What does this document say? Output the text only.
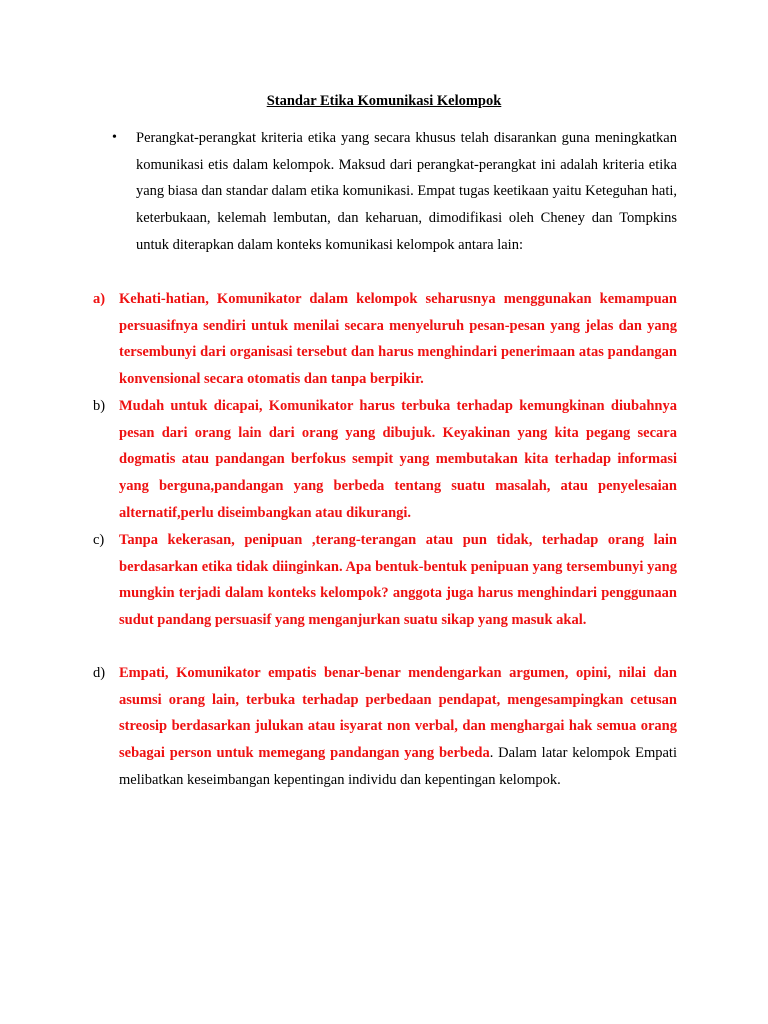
Standar Etika Komunikasi Kelompok
• Perangkat-perangkat kriteria etika yang secara khusus telah disarankan guna meningkatkan komunikasi etis dalam kelompok. Maksud dari perangkat-perangkat ini adalah kriteria etika yang biasa dan standar dalam etika komunikasi. Empat tugas keetikaan yaitu Keteguhan hati, keterbukaan, kelemah lembutan, dan keharuan, dimodifikasi oleh Cheney dan Tompkins untuk diterapkan dalam konteks komunikasi kelompok antara lain:

a) Kehati-hatian, Komunikator dalam kelompok seharusnya menggunakan kemampuan persuasifnya sendiri untuk menilai secara menyeluruh pesan-pesan yang jelas dan yang tersembunyi dari organisasi tersebut dan harus menghindari penerimaan atas pandangan konvensional secara otomatis dan tanpa berpikir.

b) Mudah untuk dicapai, Komunikator harus terbuka terhadap kemungkinan diubahnya pesan dari orang lain dari orang yang dibujuk. Keyakinan yang kita pegang secara dogmatis atau pandangan berfokus sempit yang membutakan kita terhadap informasi yang berguna,pandangan yang berbeda tentang suatu masalah, atau penyelesaian alternatif,perlu diseimbangkan atau dikurangi.

c)	Tanpa kekerasan, penipuan ,terang-terangan atau pun tidak, terhadap orang lain berdasarkan etika tidak diinginkan. Apa bentuk-bentuk penipuan yang tersembunyi yang mungkin terjadi dalam konteks kelompok? anggota juga harus menghindari penggunaan sudut pandang persuasif yang menganjurkan suatu sikap yang masuk akal.

d) Empati, Komunikator empatis benar-benar mendengarkan argumen, opini, nilai dan asumsi orang lain, terbuka terhadap perbedaan pendapat, mengesampingkan cetusan streosip berdasarkan julukan atau isyarat non verbal, dan menghargai hak semua orang sebagai person untuk memegang pandangan yang berbeda. Dalam latar kelompok Empati melibatkan keseimbangan kepentingan individu dan kepentingan kelompok.
